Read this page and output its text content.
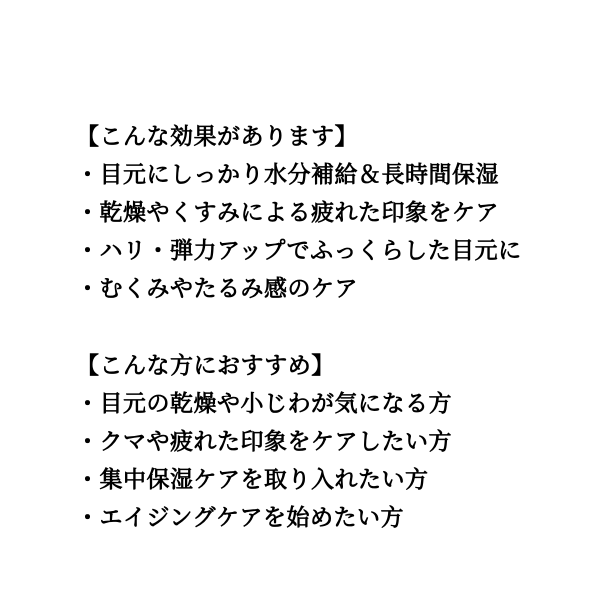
【こんな効果があります】
・目元にしっかり水分補給＆長時間保湿
・乾燥やくすみによる疲れた印象をケア
・ハリ・弾力アップでふっくらした目元に
・むくみやたるみ感のケア
【こんな方におすすめ】
・目元の乾燥や小じわが気になる方
・クマや疲れた印象をケアしたい方
・集中保湿ケアを取り入れたい方
・エイジングケアを始めたい方
